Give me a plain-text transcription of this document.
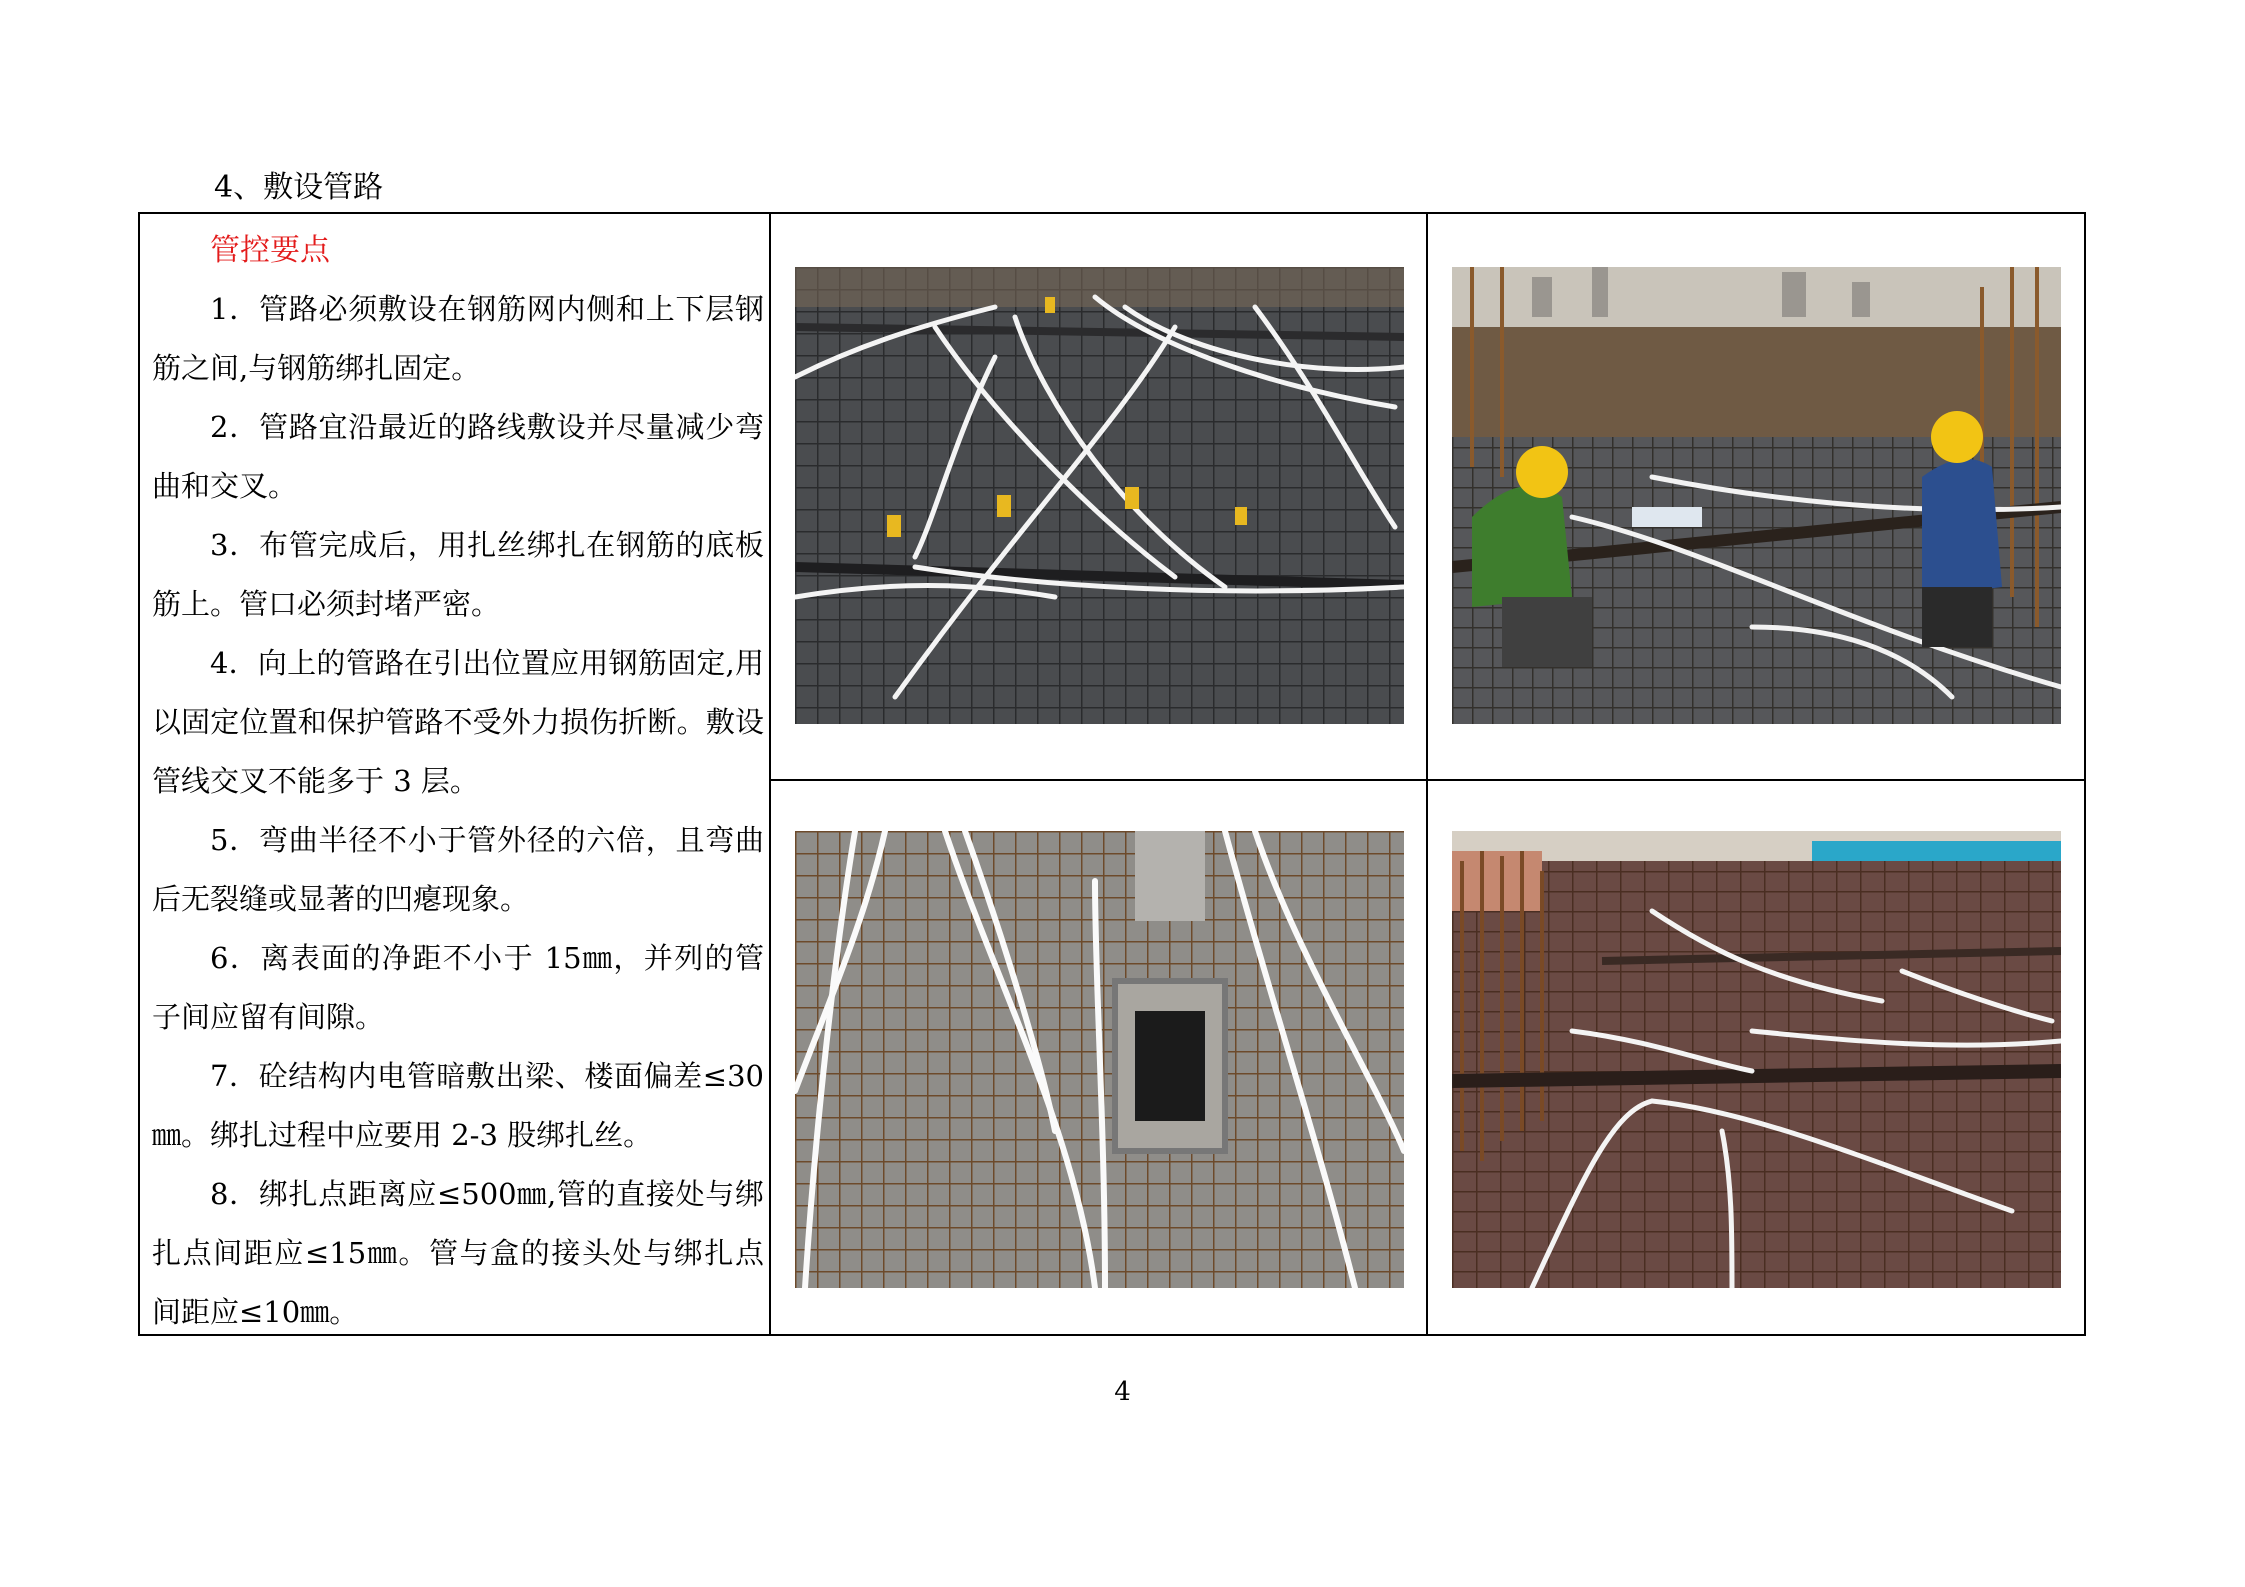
4、敷设管路
管控要点

1．管路必须敷设在钢筋网内侧和上下层钢筋之间,与钢筋绑扎固定。

2．管路宜沿最近的路线敷设并尽量减少弯曲和交叉。

3．布管完成后，用扎丝绑扎在钢筋的底板筋上。管口必须封堵严密。

4．向上的管路在引出位置应用钢筋固定,用以固定位置和保护管路不受外力损伤折断。敷设管线交叉不能多于 3 层。

5．弯曲半径不小于管外径的六倍，且弯曲后无裂缝或显著的凹瘪现象。

6．离表面的净距不小于 15㎜，并列的管子间应留有间隙。

7．砼结构内电管暗敷出梁、楼面偏差≤30㎜。绑扎过程中应要用 2-3 股绑扎丝。

8．绑扎点距离应≤500㎜,管的直接处与绑扎点间距应≤15㎜。管与盒的接头处与绑扎点间距应≤10㎜。

4
